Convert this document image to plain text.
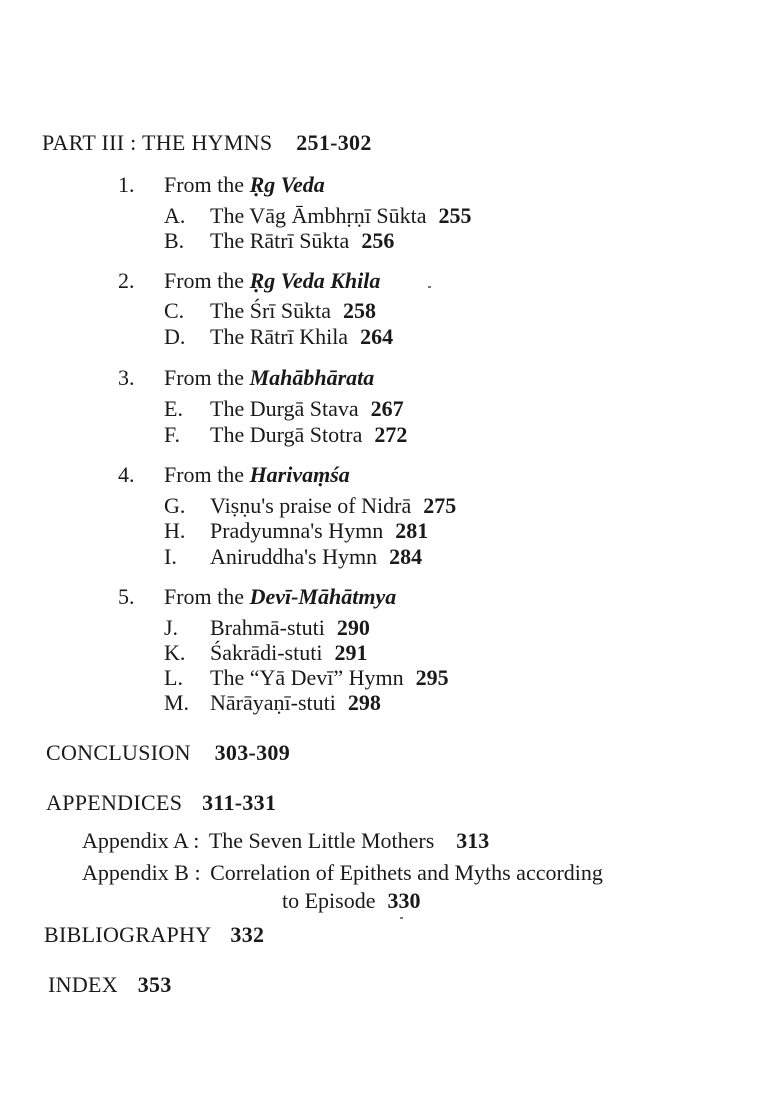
PART III : THE HYMNS 251-302
1. From the Ṛg Veda
A. The Vāg Āmbhṛṇī Sūkta 255
B. The Rātrī Sūkta 256
2. From the Ṛg Veda Khila
C. The Śrī Sūkta 258
D. The Rātrī Khila 264
3. From the Mahābhārata
E. The Durgā Stava 267
F. The Durgā Stotra 272
4. From the Harivaṃśa
G. Viṣṇu's praise of Nidrā 275
H. Pradyumna's Hymn 281
I. Aniruddha's Hymn 284
5. From the Devī-Māhātmya
J. Brahmā-stuti 290
K. Śakrādi-stuti 291
L. The “Yā Devī” Hymn 295
M. Nārāyaṇī-stuti 298
CONCLUSION 303-309
APPENDICES 311-331
Appendix A : The Seven Little Mothers 313
Appendix B : Correlation of Epithets and Myths according
to Episode 330
BIBLIOGRAPHY 332
INDEX 353
